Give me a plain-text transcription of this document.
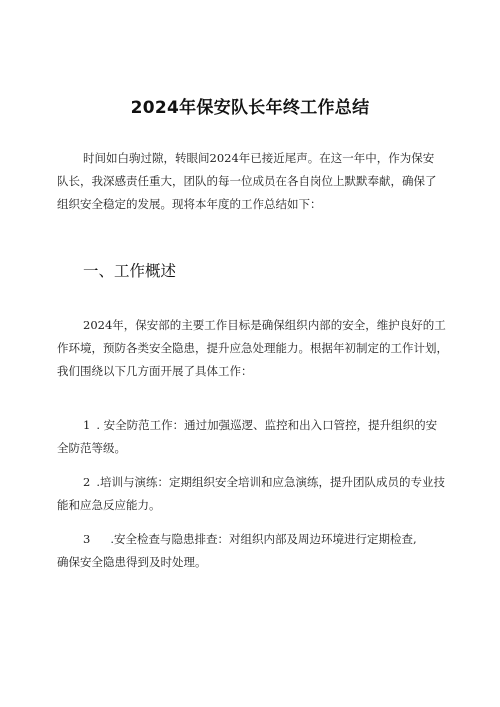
2024年保安队长年终工作总结
时间如白驹过隙，转眼间2024年已接近尾声。在这一年中，作为保安
队长，我深感责任重大，团队的每一位成员在各自岗位上默默奉献，确保了
组织安全稳定的发展。现将本年度的工作总结如下：
一、工作概述
2024年，保安部的主要工作目标是确保组织内部的安全，维护良好的工
作环境，预防各类安全隐患，提升应急处理能力。根据年初制定的工作计划，
我们围绕以下几方面开展了具体工作：
1 . 安全防范工作：通过加强巡逻、监控和出入口管控，提升组织的安
全防范等级。
2 .培训与演练：定期组织安全培训和应急演练，提升团队成员的专业技
能和应急反应能力。
3 .安全检查与隐患排查：对组织内部及周边环境进行定期检查,
确保安全隐患得到及时处理。
